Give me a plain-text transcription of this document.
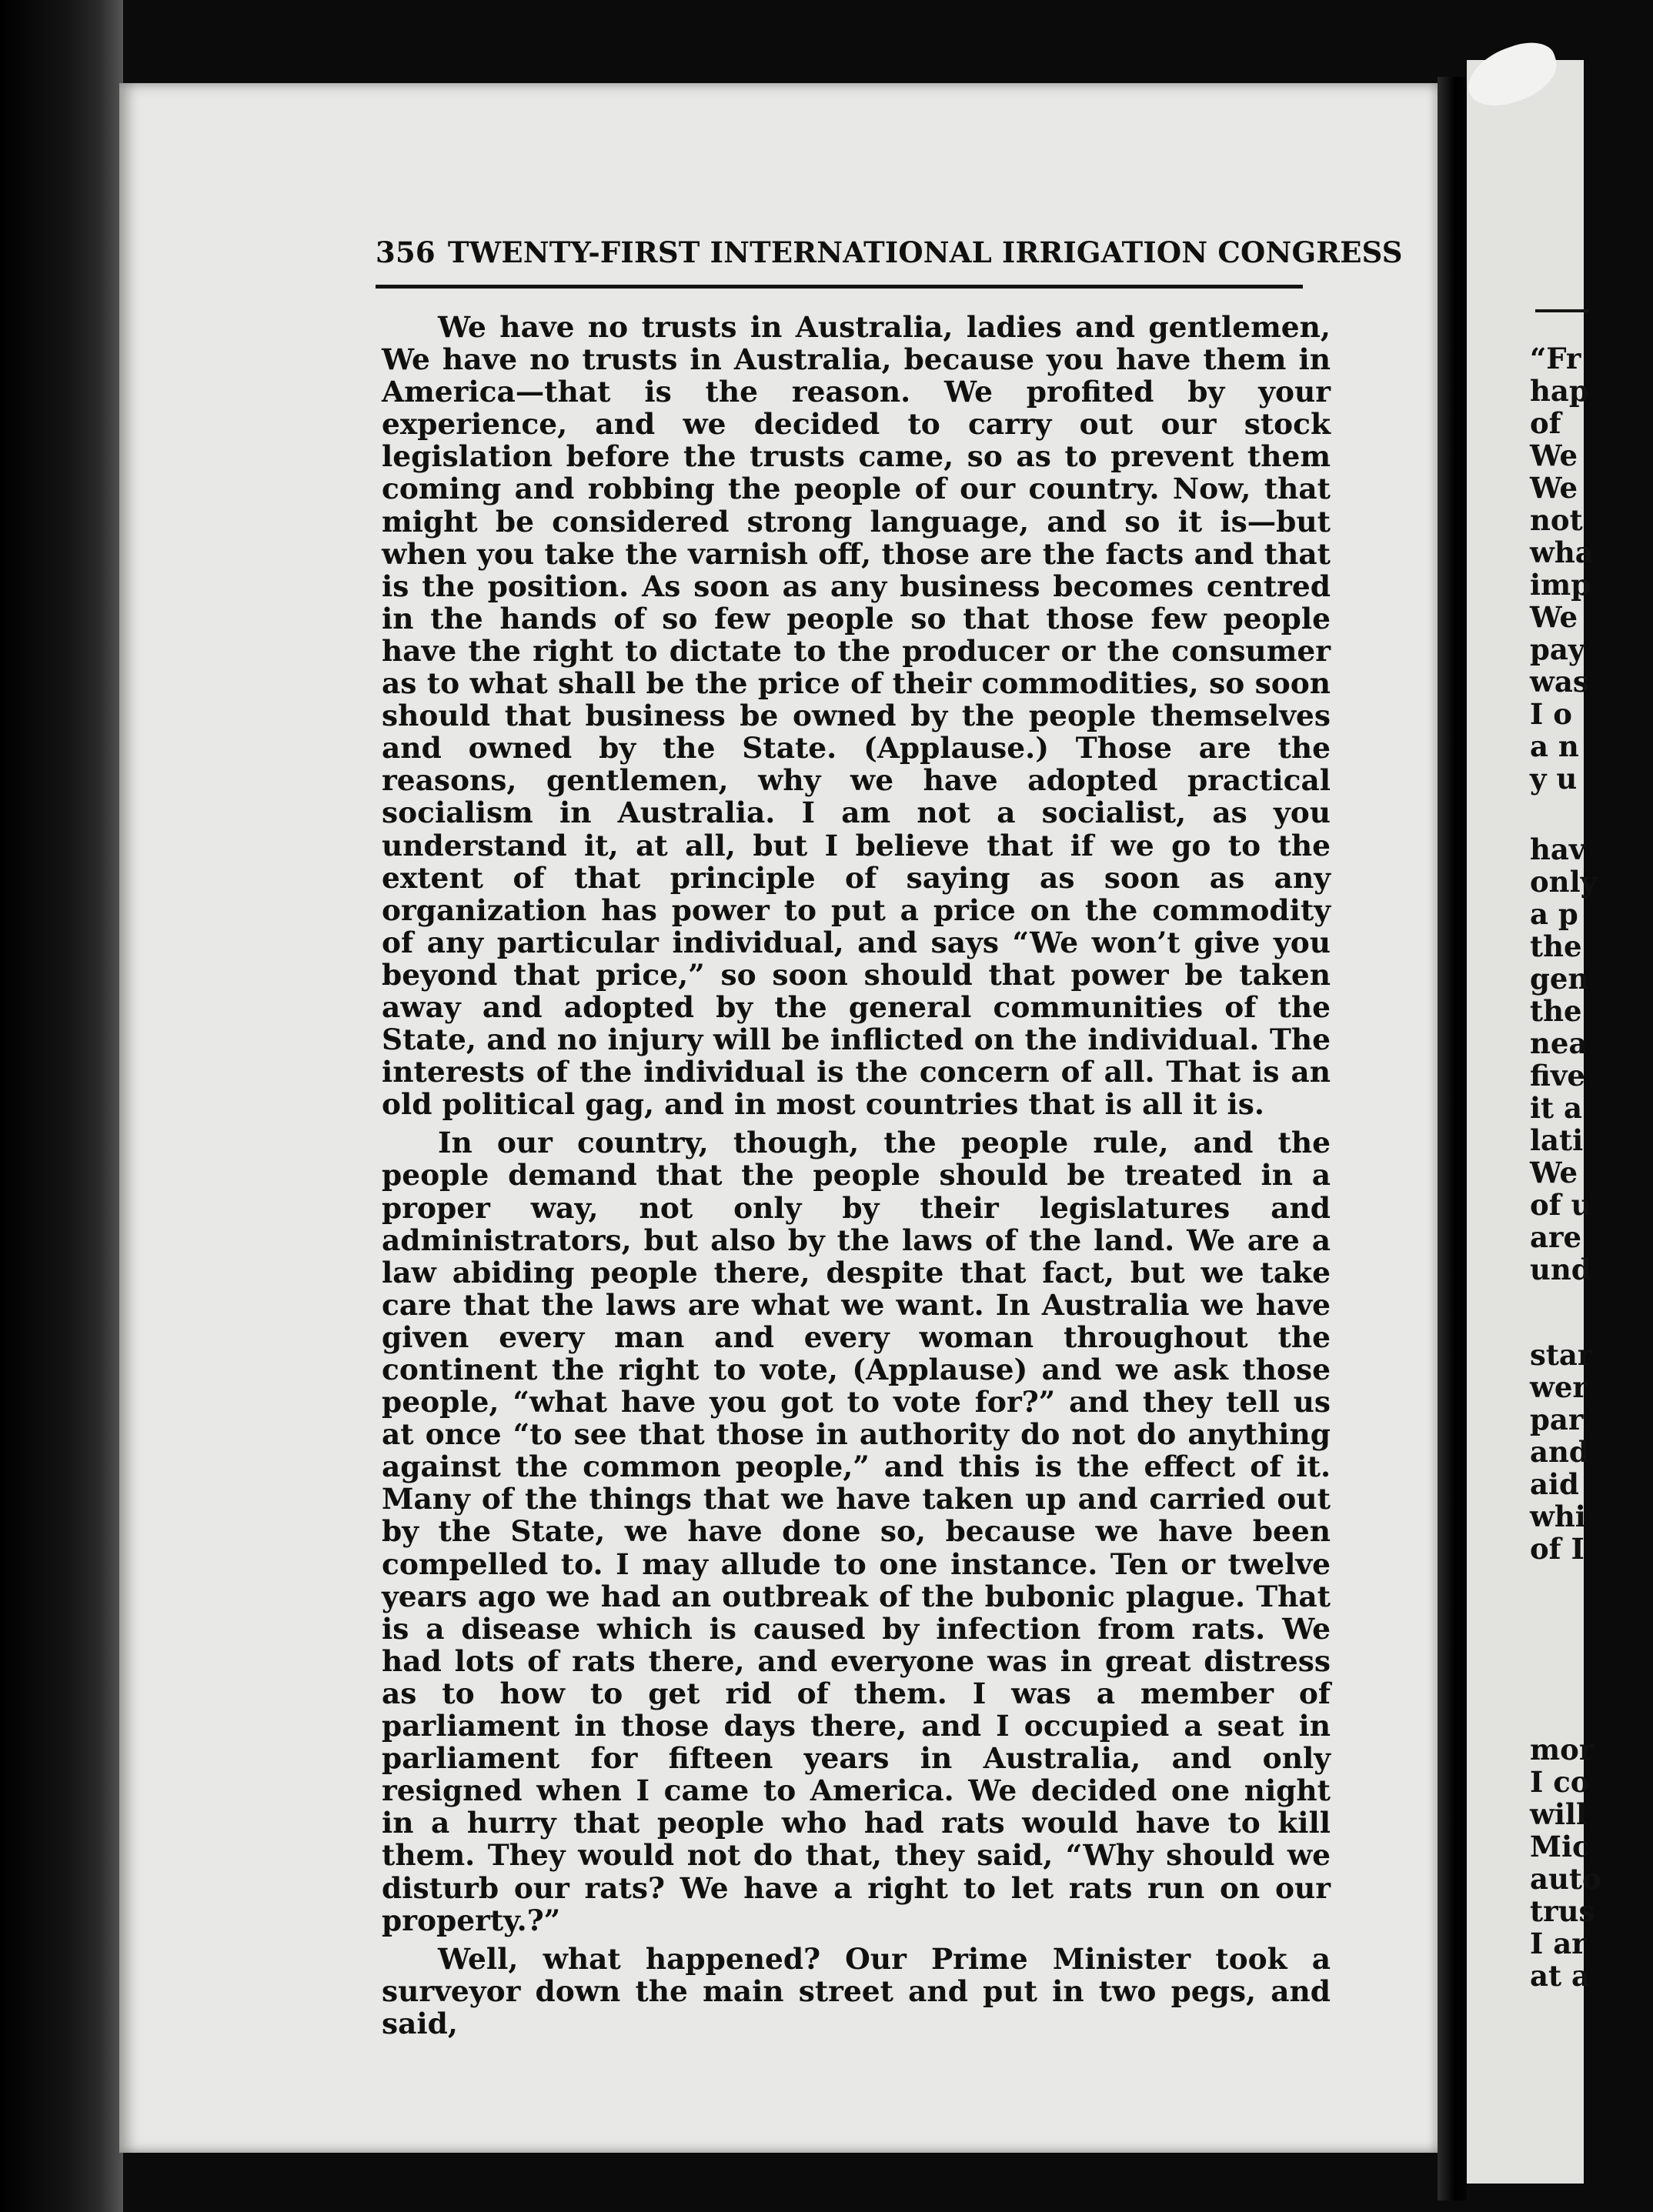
356 TWENTY-FIRST INTERNATIONAL IRRIGATION CONGRESS

We have no trusts in Australia, ladies and gentlemen, We have no trusts in Australia, because you have them in America—that is the reason. We profited by your experience, and we decided to carry out our stock legislation before the trusts came, so as to prevent them coming and robbing the people of our country. Now, that might be considered strong language, and so it is—but when you take the varnish off, those are the facts and that is the position. As soon as any business becomes centred in the hands of so few people so that those few people have the right to dictate to the producer or the consumer as to what shall be the price of their commodities, so soon should that business be owned by the people themselves and owned by the State. (Applause.) Those are the reasons, gentlemen, why we have adopted practical socialism in Australia. I am not a socialist, as you understand it, at all, but I believe that if we go to the extent of that principle of saying as soon as any organization has power to put a price on the commodity of any particular individual, and says “We won’t give you beyond that price,” so soon should that power be taken away and adopted by the general communities of the State, and no injury will be inflicted on the individual. The interests of the individual is the concern of all. That is an old political gag, and in most countries that is all it is.

In our country, though, the people rule, and the people demand that the people should be treated in a proper way, not only by their legislatures and administrators, but also by the laws of the land. We are a law abiding people there, despite that fact, but we take care that the laws are what we want. In Australia we have given every man and every woman throughout the continent the right to vote, (Applause) and we ask those people, “what have you got to vote for?” and they tell us at once “to see that those in authority do not do anything against the common people,” and this is the effect of it. Many of the things that we have taken up and carried out by the State, we have done so, because we have been compelled to. I may allude to one instance. Ten or twelve years ago we had an outbreak of the bubonic plague. That is a disease which is caused by infection from rats. We had lots of rats there, and everyone was in great distress as to how to get rid of them. I was a member of parliament in those days there, and I occupied a seat in parliament for fifteen years in Australia, and only resigned when I came to America. We decided one night in a hurry that people who had rats would have to kill them. They would not do that, they said, “Why should we disturb our rats? We have a right to let rats run on our property.?”

Well, what happened? Our Prime Minister took a surveyor down the main street and put in two pegs, and said,

“Fr
hap
of
We
We
not
wha
imp
We
pay
was
I o
a n
y u
hav
only
a p
the
gen
the
nea
five
it a
lati
We
of u
are
und
star
wer
par
and
aid
whi
of I
mor
I co
will
Mic
auto
trus
I ar
at a
